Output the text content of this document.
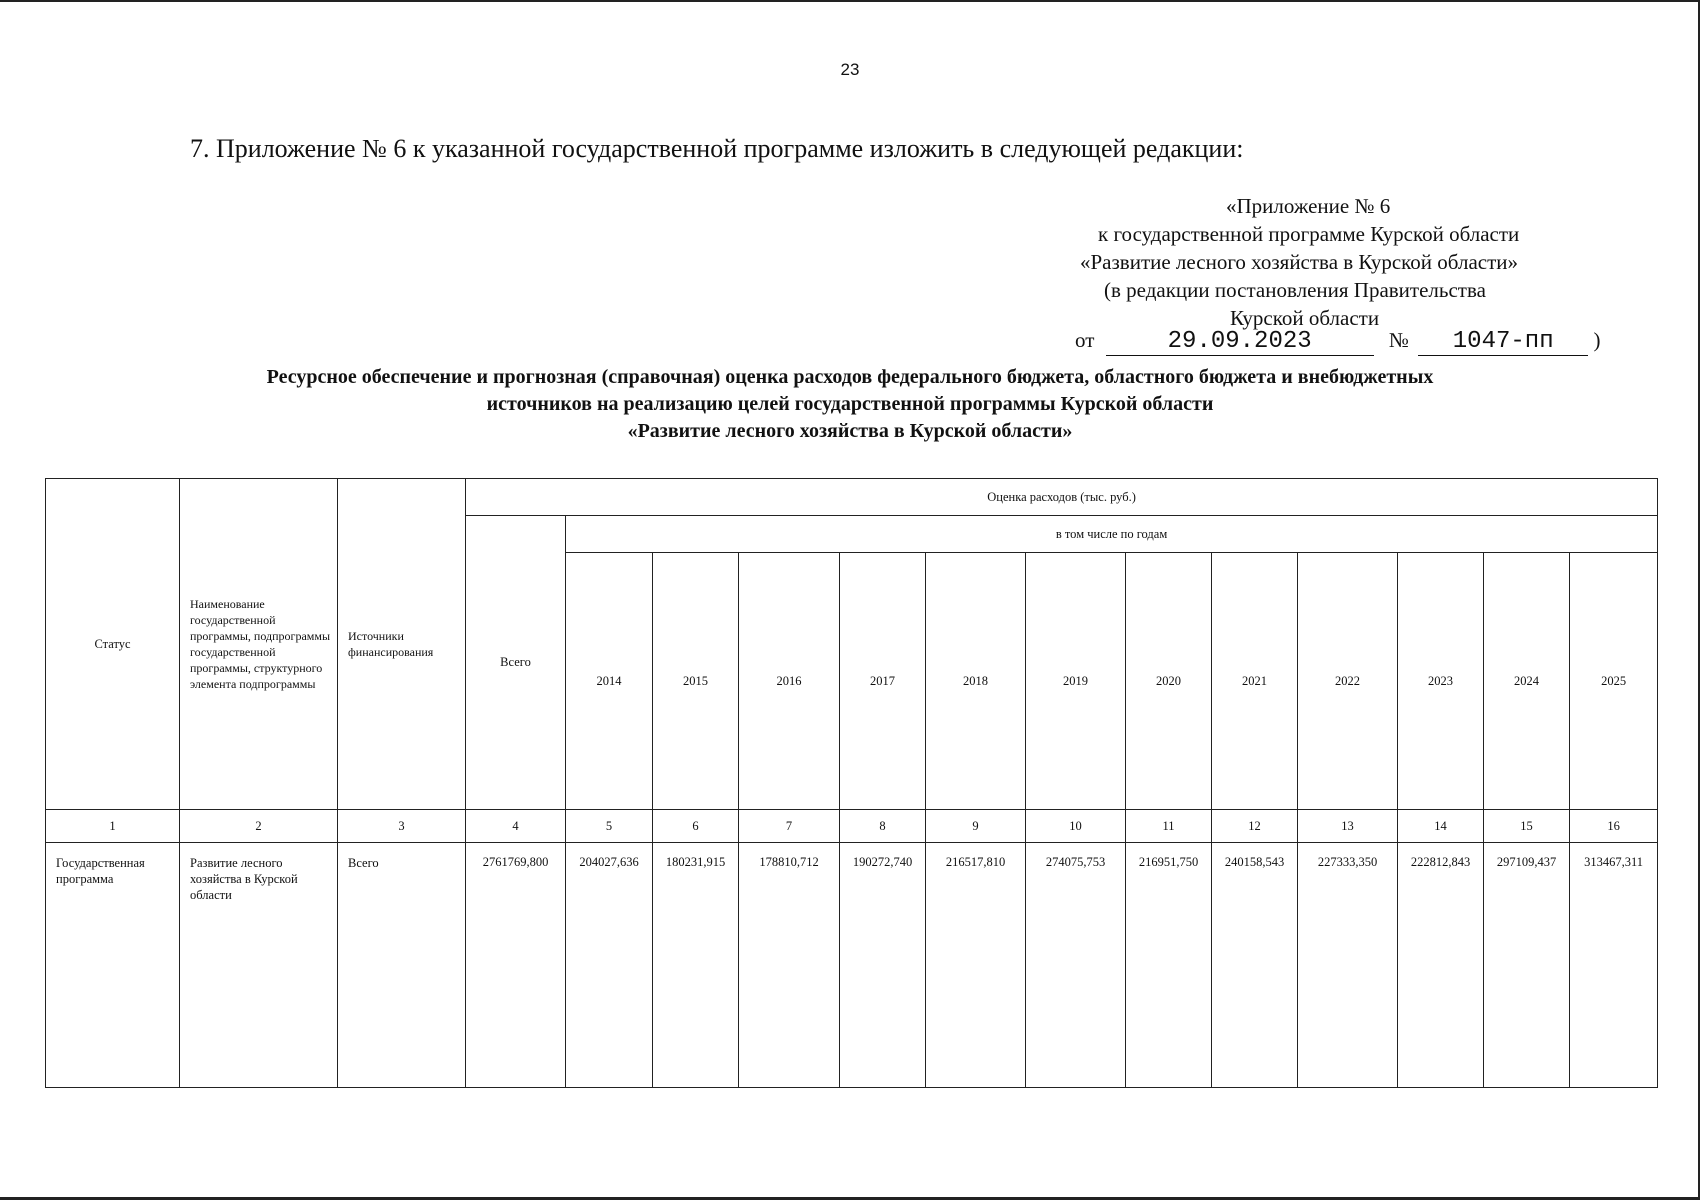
23
7. Приложение № 6 к указанной государственной программе изложить в следующей редакции:
«Приложение № 6
к государственной программе Курской области
«Развитие лесного хозяйства в Курской области»
(в редакции постановления Правительства
Курской области
от	29.09.2023	№ 1047-пп )
Ресурсное обеспечение и прогнозная (справочная) оценка расходов федерального бюджета, областного бюджета и внебюджетных
источников на реализацию целей государственной программы Курской области
«Развитие лесного хозяйства в Курской области»
Статус	Наименование государственной программы, подпрограммы государственной программы, структурного элемента подпрограммы	Источники финансирования	Оценка расходов (тыс. руб.)												
			Всего	в том числе по годам											
				2014	2015	2016	2017	2018	2019	2020	2021	2022	2023	2024	2025
1	2	3	4	5	6	7	8	9	10	11	12	13	14	15	16

Государственная программа	Развитие лесного хозяйства в Курской области	Всего	2761769,800	204027,636	180231,915	178810,712	190272,740	216517,810	274075,753	216951,750	240158,543	227333,350	222812,843	297109,437	313467,311
